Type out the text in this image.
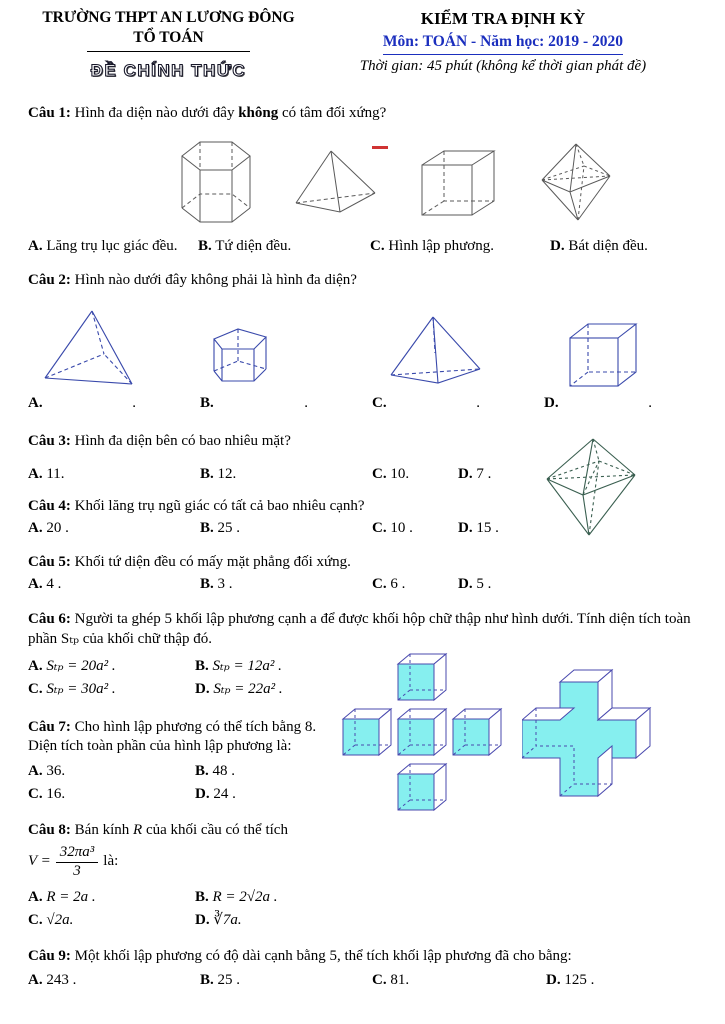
TRƯỜNG THPT AN LƯƠNG ĐÔNG
TỔ TOÁN
ĐỀ CHÍNH THỨC
KIỂM TRA ĐỊNH KỲ
Môn: TOÁN - Năm học: 2019 - 2020
Thời gian: 45 phút (không kể thời gian phát đề)
Câu 1: Hình đa diện nào dưới đây không có tâm đối xứng?
A. Lăng trụ lục giác đều.	B. Tứ diện đều.	C. Hình lập phương.	D. Bát diện đều.
Câu 2: Hình nào dưới đây không phải là hình đa diện?
A.	.	B.	.	C.	.	D.	.
Câu 3: Hình đa diện bên có bao nhiêu mặt?
A. 11.	B. 12.	C. 10.	D. 7 .
Câu 4: Khối lăng trụ ngũ giác có tất cả bao nhiêu cạnh?
A. 20 .	B. 25 .	C. 10 .	D. 15 .
Câu 5: Khối tứ diện đều có mấy mặt phẳng đối xứng.
A. 4 .	B. 3 .	C. 6 .	D. 5 .
Câu 6: Người ta ghép 5 khối lập phương cạnh a để được khối hộp chữ thập như hình dưới. Tính diện tích toàn phần Sₜₚ của khối chữ thập đó.
A. Sₜₚ = 20a² .	B. Sₜₚ = 12a² .
C. Sₜₚ = 30a² .	D. Sₜₚ = 22a² .
Câu 7: Cho hình lập phương có thể tích bằng 8. Diện tích toàn phần của hình lập phương là:
A. 36.	B. 48 .
C. 16.	D. 24 .
Câu 8: Bán kính R của khối cầu có thể tích
$V = \frac{\text{32πa³}}{3}$ là:
A. R = 2a .	B. R = 2√2a .
C. √2a.	D. ∛7a.
Câu 9: Một khối lập phương có độ dài cạnh bằng 5, thể tích khối lập phương đã cho bằng:
A. 243 .	B. 25 .	C. 81.	D. 125 .
